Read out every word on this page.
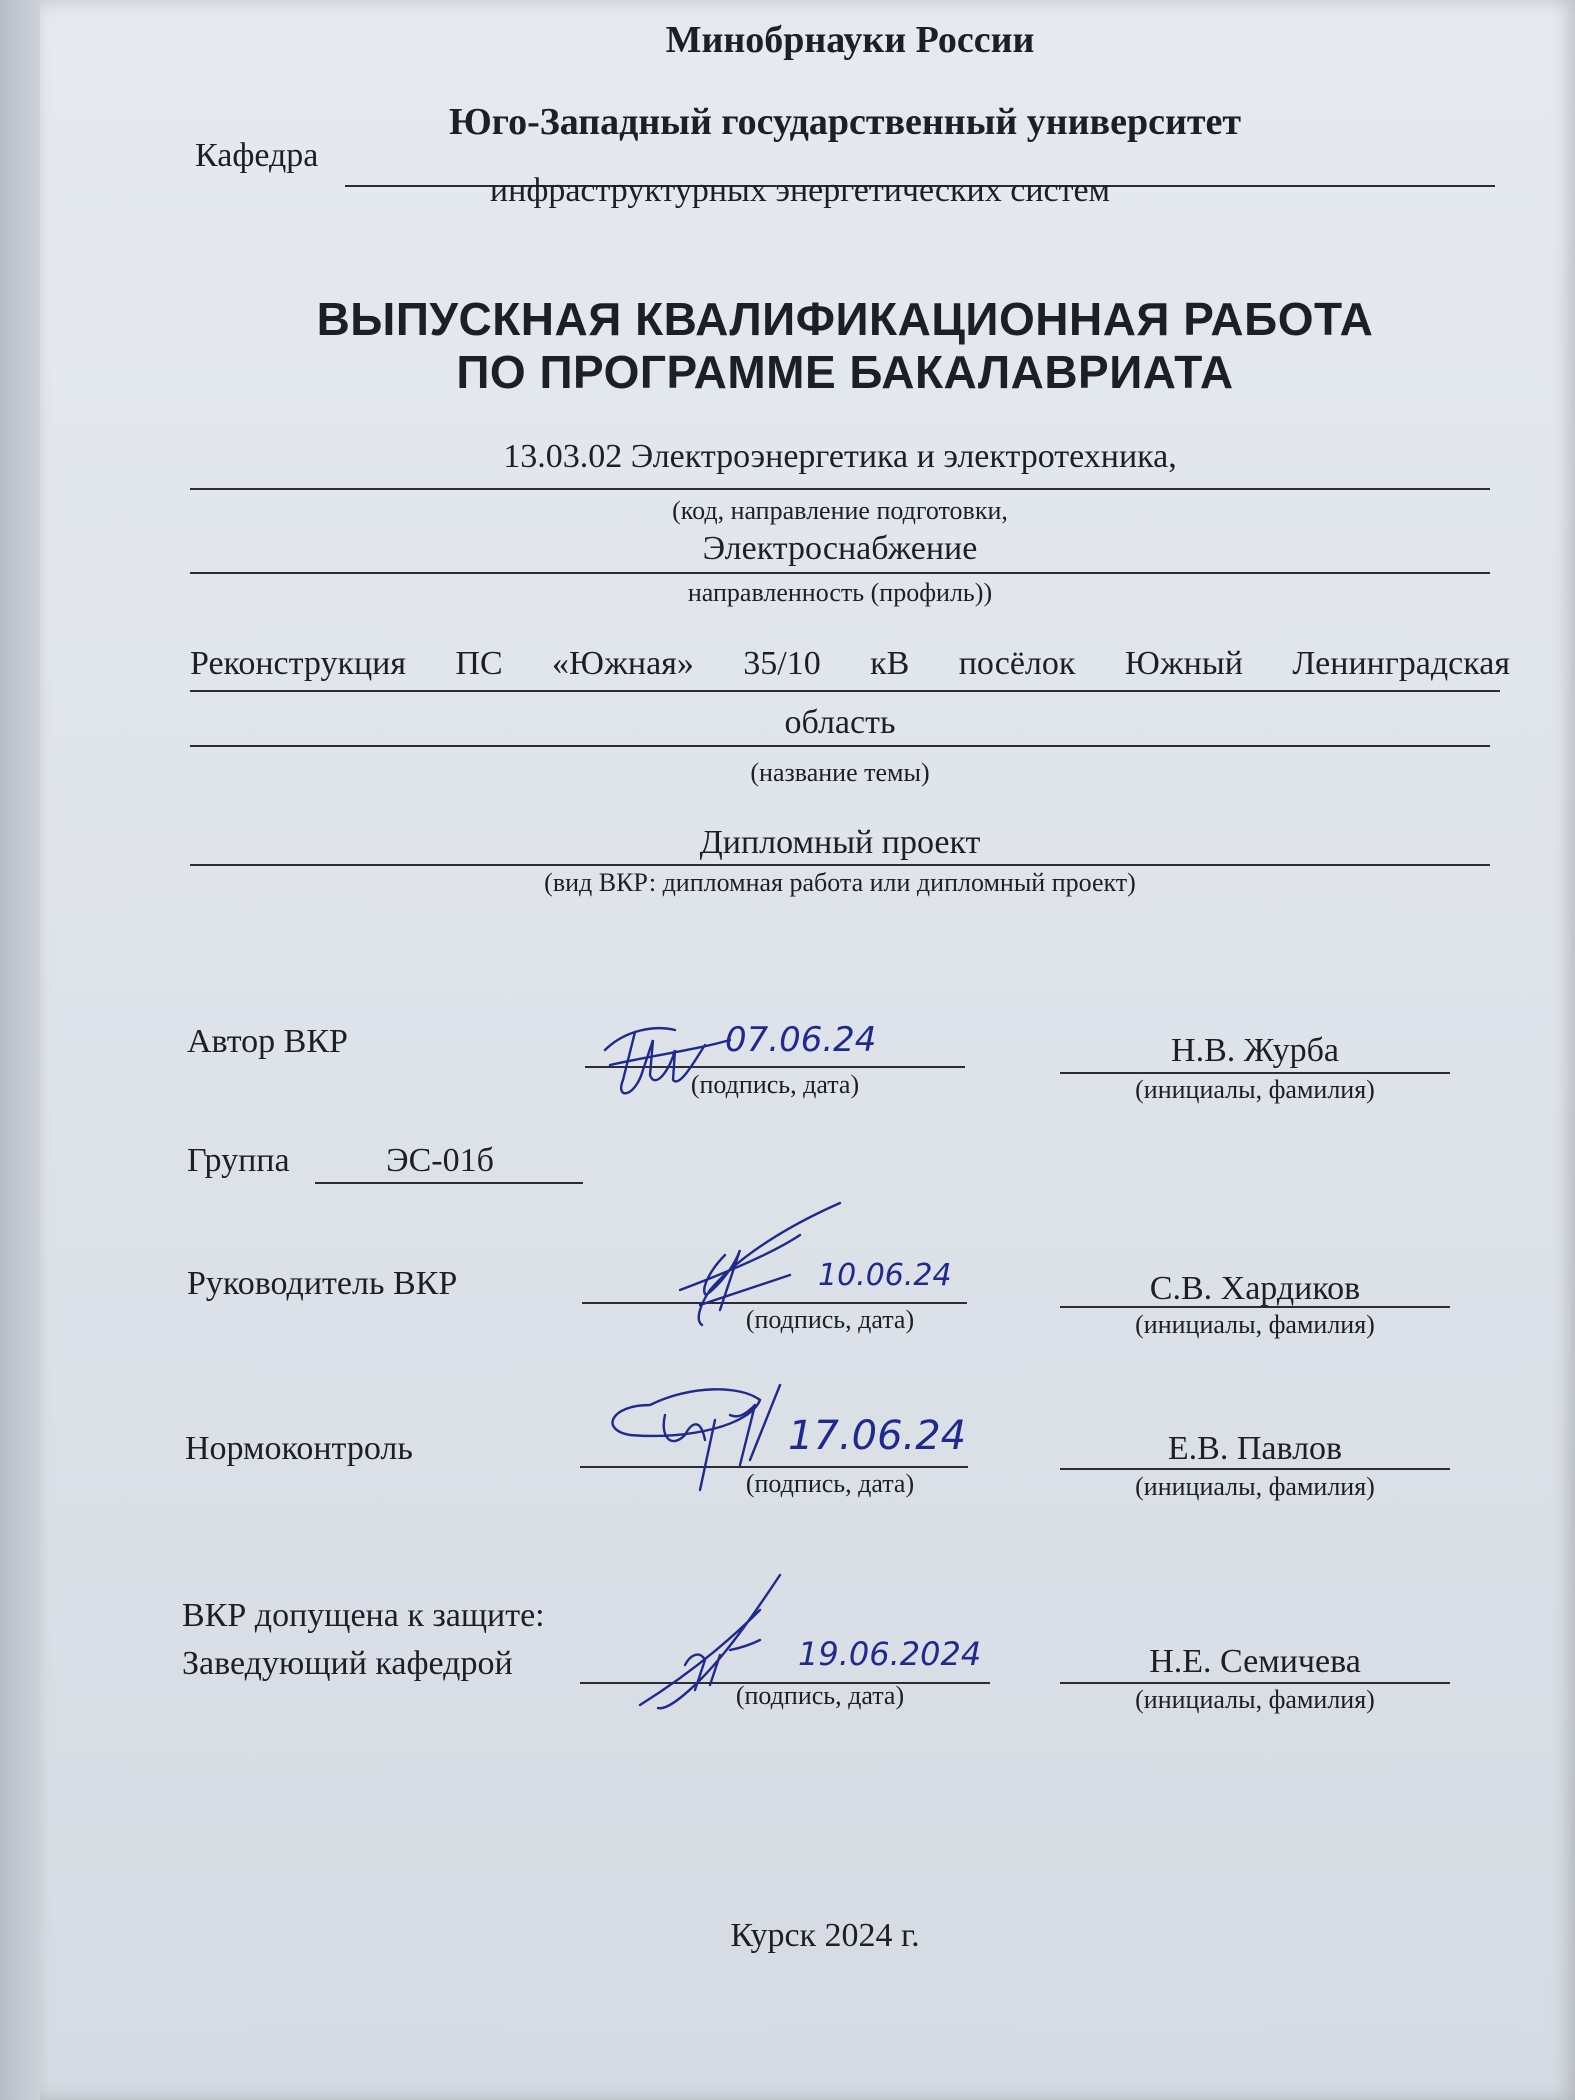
Минобрнауки России
Юго-Западный государственный университет
Кафедра
инфраструктурных энергетических систем
ВЫПУСКНАЯ КВАЛИФИКАЦИОННАЯ РАБОТА
ПО ПРОГРАММЕ БАКАЛАВРИАТА
13.03.02 Электроэнергетика и электротехника,
(код, направление подготовки,
Электроснабжение
направленность (профиль))
Реконструкция ПС «Южная» 35/10 кВ посёлок Южный Ленинградская
область
(название темы)
Дипломный проект
(вид ВКР: дипломная работа или дипломный проект)
Автор ВКР	07.06.24
(подпись, дата)
Н.В. Журба
(инициалы, фамилия)
Группа	ЭС-01б
Руководитель ВКР	10.06.24
(подпись, дата)
С.В. Хардиков
(инициалы, фамилия)
Нормоконтроль	17.06.24
(подпись, дата)
Е.В. Павлов
(инициалы, фамилия)
ВКР допущена к защите:
Заведующий кафедрой	19.06.2024
(подпись, дата)
Н.Е. Семичева
(инициалы, фамилия)
Курск 2024 г.
